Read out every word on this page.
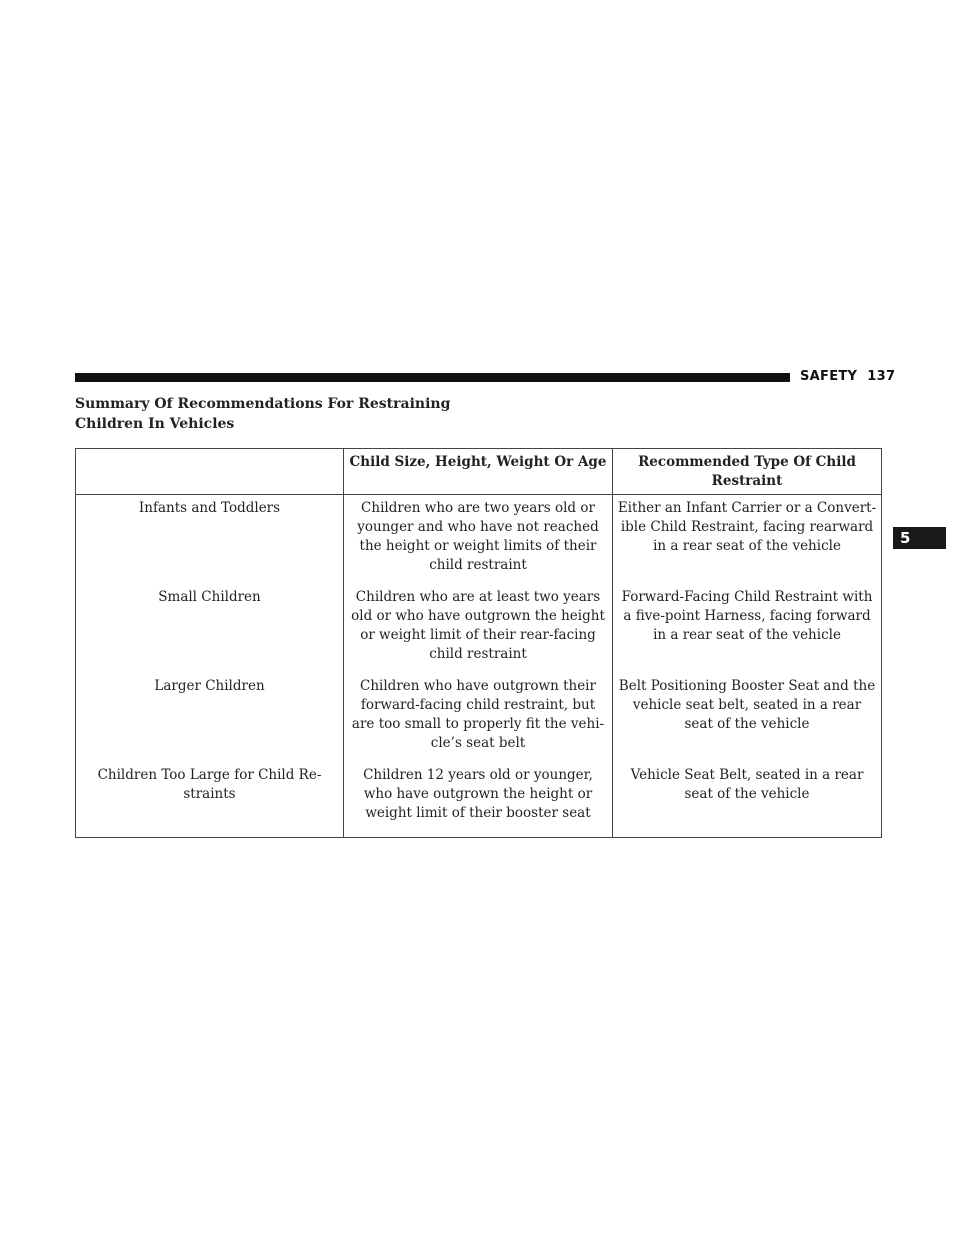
SAFETY 137
5
Summary Of Recommendations For Restraining
Children In Vehicles
	Child Size, Height, Weight Or Age	Recommended Type Of Child Restraint
Infants and Toddlers	Children who are two years old or younger and who have not reached the height or weight limits of their child restraint	Either an Infant Carrier or a Convert-ible Child Restraint, facing rearward in a rear seat of the vehicle
Small Children	Children who are at least two years old or who have outgrown the height or weight limit of their rear-facing child restraint	Forward-Facing Child Restraint with a five-point Harness, facing forward in a rear seat of the vehicle
Larger Children	Children who have outgrown their forward-facing child restraint, but are too small to properly fit the vehi-cle’s seat belt	Belt Positioning Booster Seat and the vehicle seat belt, seated in a rear seat of the vehicle
Children Too Large for Child Re-straints	Children 12 years old or younger, who have outgrown the height or weight limit of their booster seat	Vehicle Seat Belt, seated in a rear seat of the vehicle
